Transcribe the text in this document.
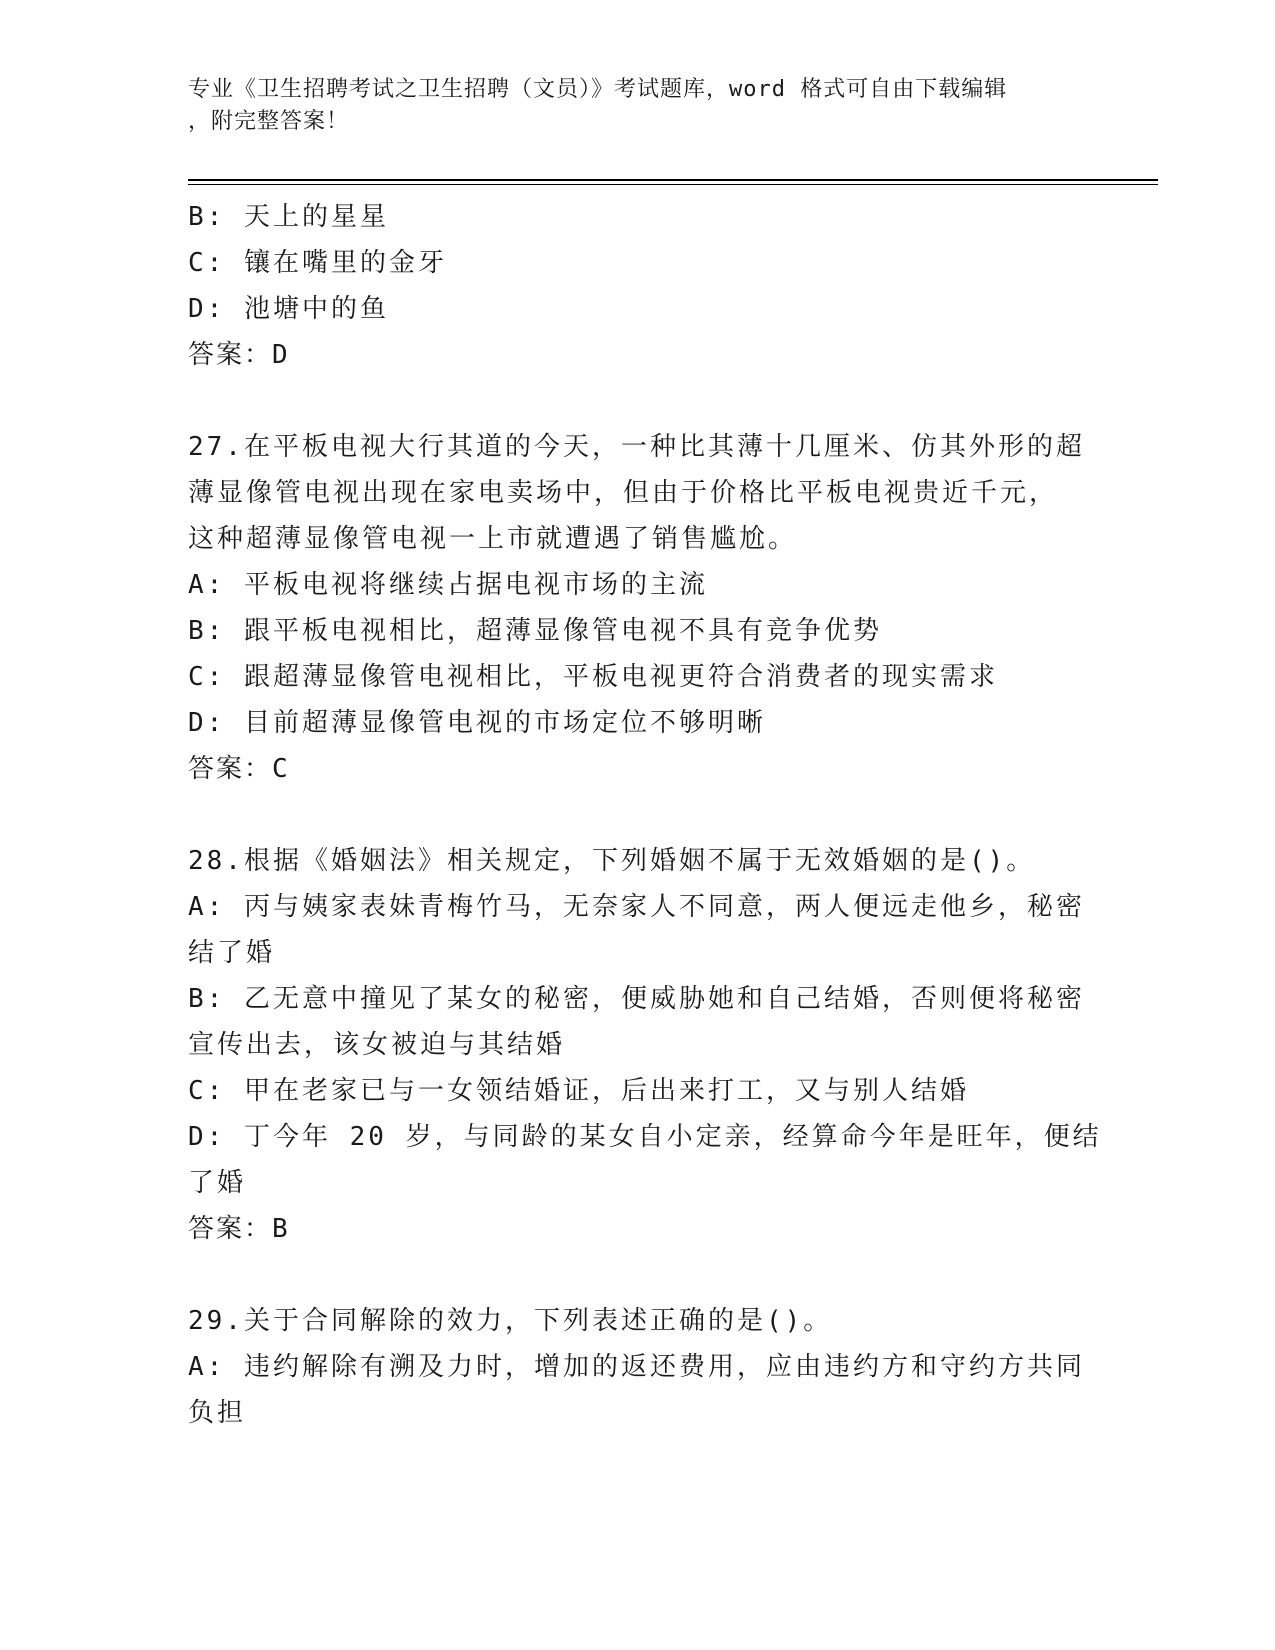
专业《卫生招聘考试之卫生招聘（文员）》考试题库，word 格式可自由下载编辑
，附完整答案！
B: 天上的星星
C: 镶在嘴里的金牙
D: 池塘中的鱼
答案：D
27.在平板电视大行其道的今天，一种比其薄十几厘米、仿其外形的超
薄显像管电视出现在家电卖场中，但由于价格比平板电视贵近千元，
这种超薄显像管电视一上市就遭遇了销售尴尬。
A: 平板电视将继续占据电视市场的主流
B: 跟平板电视相比，超薄显像管电视不具有竞争优势
C: 跟超薄显像管电视相比，平板电视更符合消费者的现实需求
D: 目前超薄显像管电视的市场定位不够明晰
答案：C
28.根据《婚姻法》相关规定，下列婚姻不属于无效婚姻的是()。
A: 丙与姨家表妹青梅竹马，无奈家人不同意，两人便远走他乡，秘密
结了婚
B: 乙无意中撞见了某女的秘密，便威胁她和自己结婚，否则便将秘密
宣传出去，该女被迫与其结婚
C: 甲在老家已与一女领结婚证，后出来打工，又与别人结婚
D: 丁今年 20 岁，与同龄的某女自小定亲，经算命今年是旺年，便结
了婚
答案：B
29.关于合同解除的效力，下列表述正确的是()。
A: 违约解除有溯及力时，增加的返还费用，应由违约方和守约方共同
负担
